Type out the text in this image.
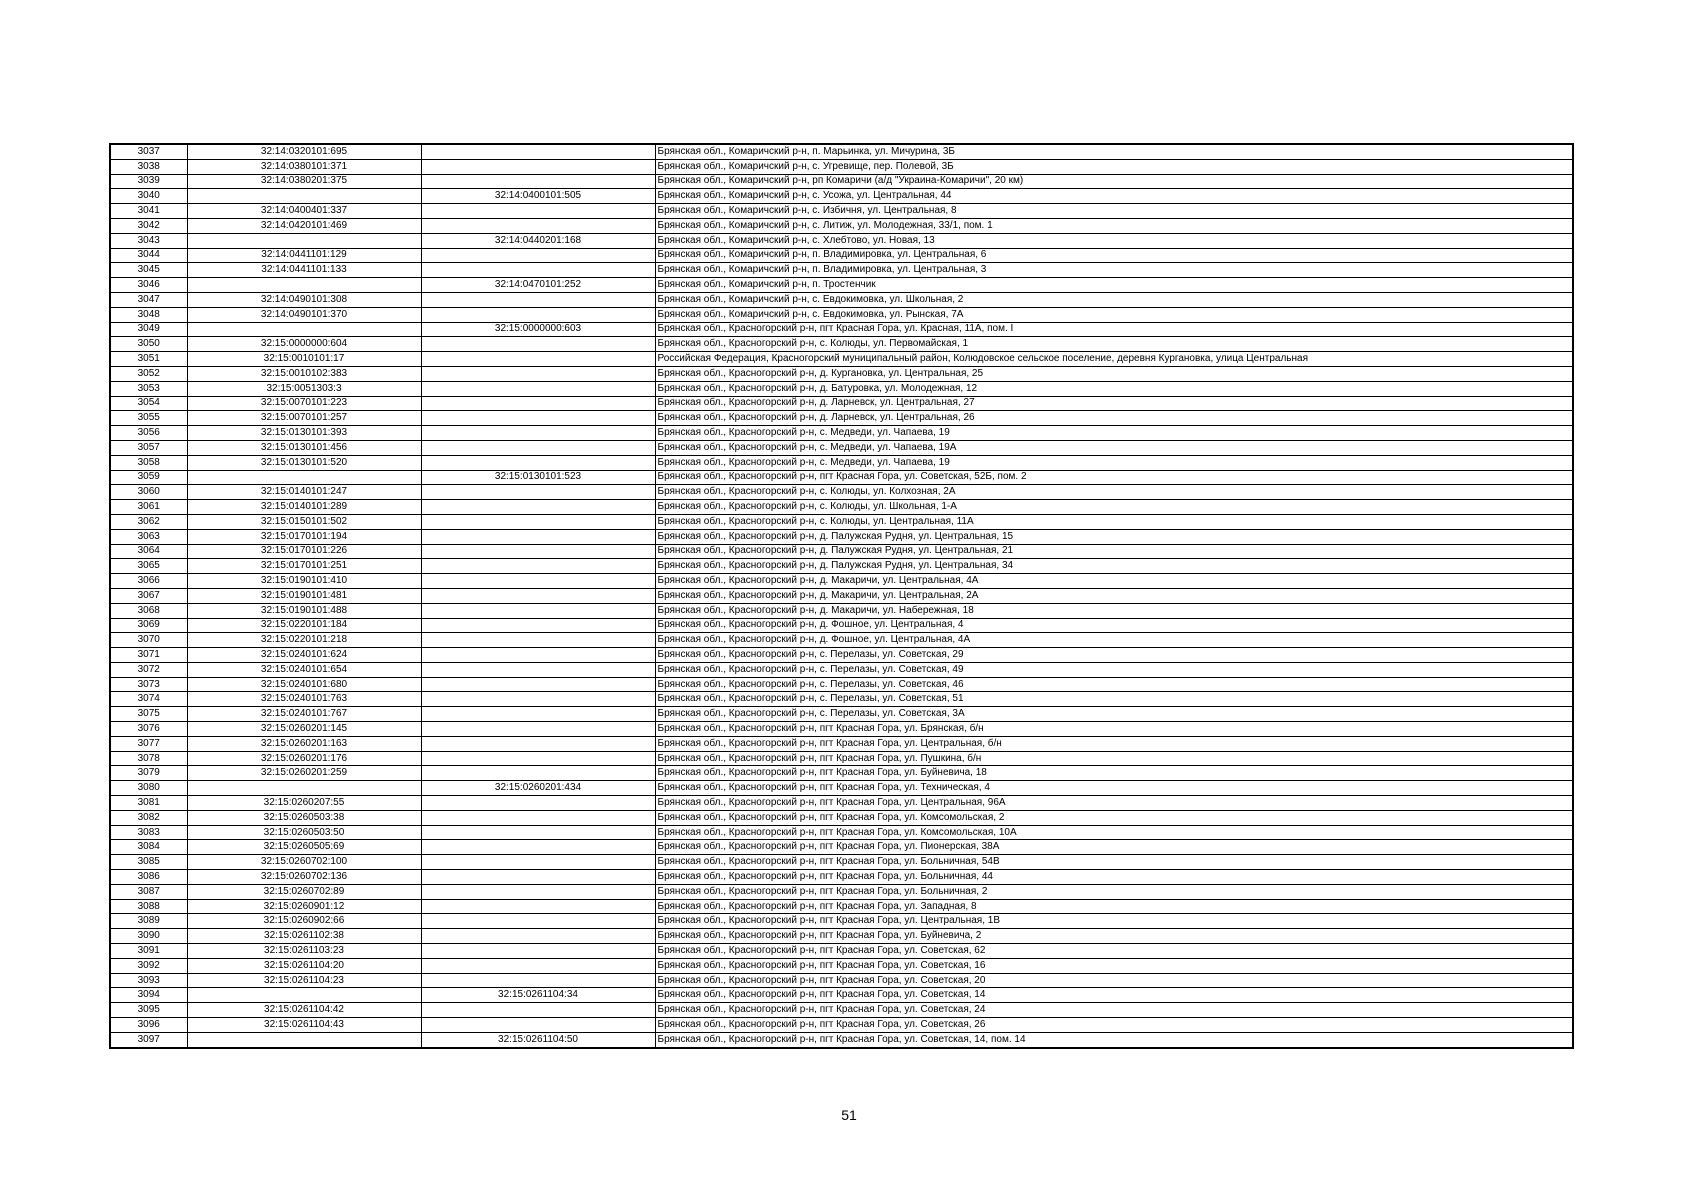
3037	32:14:0320101:695		Брянская обл., Комаричский р-н, п. Марьинка, ул. Мичурина, 3Б
3038	32:14:0380101:371		Брянская обл., Комаричский р-н, с. Угревище, пер. Полевой, 3Б
3039	32:14:0380201:375		Брянская обл., Комаричский р-н, рп Комаричи (а/д "Украина-Комаричи", 20 км)
3040		32:14:0400101:505	Брянская обл., Комаричский р-н, с. Усожа, ул. Центральная, 44
3041	32:14:0400401:337		Брянская обл., Комаричский р-н, с. Избичня, ул. Центральная, 8
3042	32:14:0420101:469		Брянская обл., Комаричский р-н, с. Литиж, ул. Молодежная, 33/1, пом. 1
3043		32:14:0440201:168	Брянская обл., Комаричский р-н, с. Хлебтово, ул. Новая, 13
3044	32:14:0441101:129		Брянская обл., Комаричский р-н, п. Владимировка, ул. Центральная, 6
3045	32:14:0441101:133		Брянская обл., Комаричский р-н, п. Владимировка, ул. Центральная, 3
3046		32:14:0470101:252	Брянская обл., Комаричский р-н, п. Тростенчик
3047	32:14:0490101:308		Брянская обл., Комаричский р-н, с. Евдокимовка, ул. Школьная, 2
3048	32:14:0490101:370		Брянская обл., Комаричский р-н, с. Евдокимовка, ул. Рынская, 7А
3049		32:15:0000000:603	Брянская обл., Красногорский р-н, пгт Красная Гора, ул. Красная, 11А, пом. I
3050	32:15:0000000:604		Брянская обл., Красногорский р-н, с. Колюды, ул. Первомайская, 1
3051	32:15:0010101:17		Российская Федерация, Красногорский муниципальный район, Колюдовское сельское поселение, деревня Кургановка, улица Центральная
3052	32:15:0010102:383		Брянская обл., Красногорский р-н, д. Кургановка, ул. Центральная, 25
3053	32:15:0051303:3		Брянская обл., Красногорский р-н, д. Батуровка, ул. Молодежная, 12
3054	32:15:0070101:223		Брянская обл., Красногорский р-н, д. Ларневск, ул. Центральная, 27
3055	32:15:0070101:257		Брянская обл., Красногорский р-н, д. Ларневск, ул. Центральная, 26
3056	32:15:0130101:393		Брянская обл., Красногорский р-н, с. Медведи, ул. Чапаева, 19
3057	32:15:0130101:456		Брянская обл., Красногорский р-н, с. Медведи, ул. Чапаева, 19А
3058	32:15:0130101:520		Брянская обл., Красногорский р-н, с. Медведи, ул. Чапаева, 19
3059		32:15:0130101:523	Брянская обл., Красногорский р-н, пгт Красная Гора, ул. Советская, 52Б, пом. 2
3060	32:15:0140101:247		Брянская обл., Красногорский р-н, с. Колюды, ул. Колхозная, 2А
3061	32:15:0140101:289		Брянская обл., Красногорский р-н, с. Колюды, ул. Школьная, 1-А
3062	32:15:0150101:502		Брянская обл., Красногорский р-н, с. Колюды, ул. Центральная, 11А
3063	32:15:0170101:194		Брянская обл., Красногорский р-н, д. Палужская Рудня, ул. Центральная, 15
3064	32:15:0170101:226		Брянская обл., Красногорский р-н, д. Палужская Рудня, ул. Центральная, 21
3065	32:15:0170101:251		Брянская обл., Красногорский р-н, д. Палужская Рудня, ул. Центральная, 34
3066	32:15:0190101:410		Брянская обл., Красногорский р-н, д. Макаричи, ул. Центральная, 4А
3067	32:15:0190101:481		Брянская обл., Красногорский р-н, д. Макаричи, ул. Центральная, 2А
3068	32:15:0190101:488		Брянская обл., Красногорский р-н, д. Макаричи, ул. Набережная, 18
3069	32:15:0220101:184		Брянская обл., Красногорский р-н, д. Фошное, ул. Центральная, 4
3070	32:15:0220101:218		Брянская обл., Красногорский р-н, д. Фошное, ул. Центральная, 4А
3071	32:15:0240101:624		Брянская обл., Красногорский р-н, с. Перелазы, ул. Советская, 29
3072	32:15:0240101:654		Брянская обл., Красногорский р-н, с. Перелазы, ул. Советская, 49
3073	32:15:0240101:680		Брянская обл., Красногорский р-н, с. Перелазы, ул. Советская, 46
3074	32:15:0240101:763		Брянская обл., Красногорский р-н, с. Перелазы, ул. Советская, 51
3075	32:15:0240101:767		Брянская обл., Красногорский р-н, с. Перелазы, ул. Советская, 3А
3076	32:15:0260201:145		Брянская обл., Красногорский р-н, пгт Красная Гора, ул. Брянская, б/н
3077	32:15:0260201:163		Брянская обл., Красногорский р-н, пгт Красная Гора, ул. Центральная, б/н
3078	32:15:0260201:176		Брянская обл., Красногорский р-н, пгт Красная Гора, ул. Пушкина, б/н
3079	32:15:0260201:259		Брянская обл., Красногорский р-н, пгт Красная Гора, ул. Буйневича, 18
3080		32:15:0260201:434	Брянская обл., Красногорский р-н, пгт Красная Гора, ул. Техническая, 4
3081	32:15:0260207:55		Брянская обл., Красногорский р-н, пгт Красная Гора, ул. Центральная, 96А
3082	32:15:0260503:38		Брянская обл., Красногорский р-н, пгт Красная Гора, ул. Комсомольская, 2
3083	32:15:0260503:50		Брянская обл., Красногорский р-н, пгт Красная Гора, ул. Комсомольская, 10А
3084	32:15:0260505:69		Брянская обл., Красногорский р-н, пгт Красная Гора, ул. Пионерская, 38А
3085	32:15:0260702:100		Брянская обл., Красногорский р-н, пгт Красная Гора, ул. Больничная, 54В
3086	32:15:0260702:136		Брянская обл., Красногорский р-н, пгт Красная Гора, ул. Больничная, 44
3087	32:15:0260702:89		Брянская обл., Красногорский р-н, пгт Красная Гора, ул. Больничная, 2
3088	32:15:0260901:12		Брянская обл., Красногорский р-н, пгт Красная Гора, ул. Западная, 8
3089	32:15:0260902:66		Брянская обл., Красногорский р-н, пгт Красная Гора, ул. Центральная, 1В
3090	32:15:0261102:38		Брянская обл., Красногорский р-н, пгт Красная Гора, ул. Буйневича, 2
3091	32:15:0261103:23		Брянская обл., Красногорский р-н, пгт Красная Гора, ул. Советская, 62
3092	32:15:0261104:20		Брянская обл., Красногорский р-н, пгт Красная Гора, ул. Советская, 16
3093	32:15:0261104:23		Брянская обл., Красногорский р-н, пгт Красная Гора, ул. Советская, 20
3094		32:15:0261104:34	Брянская обл., Красногорский р-н, пгт Красная Гора, ул. Советская, 14
3095	32:15:0261104:42		Брянская обл., Красногорский р-н, пгт Красная Гора, ул. Советская, 24
3096	32:15:0261104:43		Брянская обл., Красногорский р-н, пгт Красная Гора, ул. Советская, 26
3097		32:15:0261104:50	Брянская обл., Красногорский р-н, пгт Красная Гора, ул. Советская, 14, пом. 14
51
